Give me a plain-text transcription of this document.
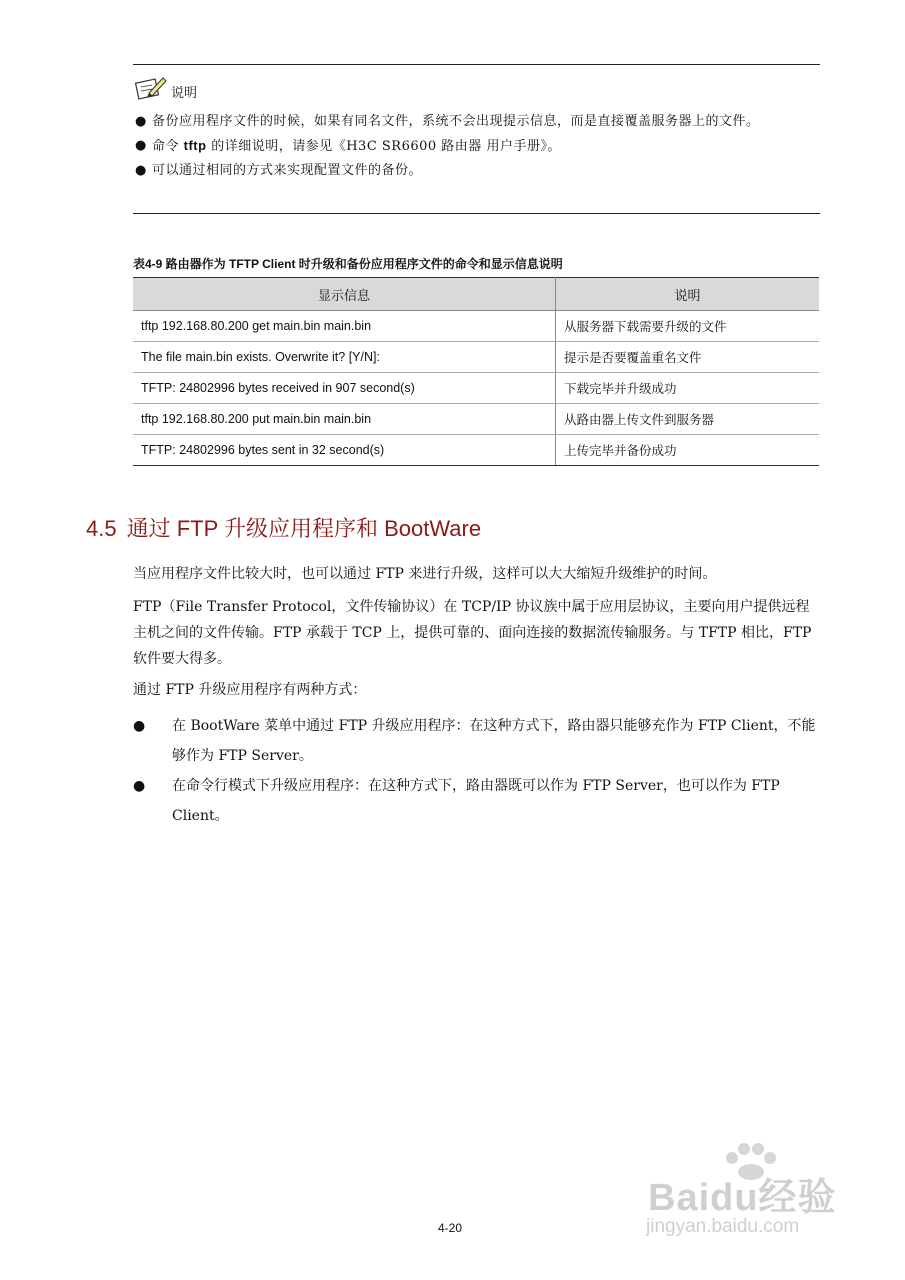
说明
● 备份应用程序文件的时候，如果有同名文件，系统不会出现提示信息，而是直接覆盖服务器上的文件。
● 命令 tftp 的详细说明，请参见《H3C SR6600 路由器 用户手册》。
● 可以通过相同的方式来实现配置文件的备份。
表4-9 路由器作为 TFTP Client 时升级和备份应用程序文件的命令和显示信息说明
显示信息	说明
tftp 192.168.80.200 get main.bin main.bin	从服务器下载需要升级的文件
The file main.bin exists. Overwrite it? [Y/N]:	提示是否要覆盖重名文件
TFTP: 24802996 bytes received in 907 second(s)	下载完毕并升级成功
tftp 192.168.80.200 put main.bin main.bin	从路由器上传文件到服务器
TFTP: 24802996 bytes sent in 32 second(s)	上传完毕并备份成功
4.5 通过 FTP 升级应用程序和 BootWare

当应用程序文件比较大时，也可以通过 FTP 来进行升级，这样可以大大缩短升级维护的时间。

FTP（File Transfer Protocol，文件传输协议）在 TCP/IP 协议族中属于应用层协议，主要向用户提供远程主机之间的文件传输。FTP 承载于 TCP 上，提供可靠的、面向连接的数据流传输服务。与 TFTP 相比，FTP 软件要大得多。

通过 FTP 升级应用程序有两种方式：

● 在 BootWare 菜单中通过 FTP 升级应用程序：在这种方式下，路由器只能够充作为 FTP Client，不能够作为 FTP Server。
● 在命令行模式下升级应用程序：在这种方式下，路由器既可以作为 FTP Server，也可以作为 FTP Client。
4-20
Baidu经验
jingyan.baidu.com
